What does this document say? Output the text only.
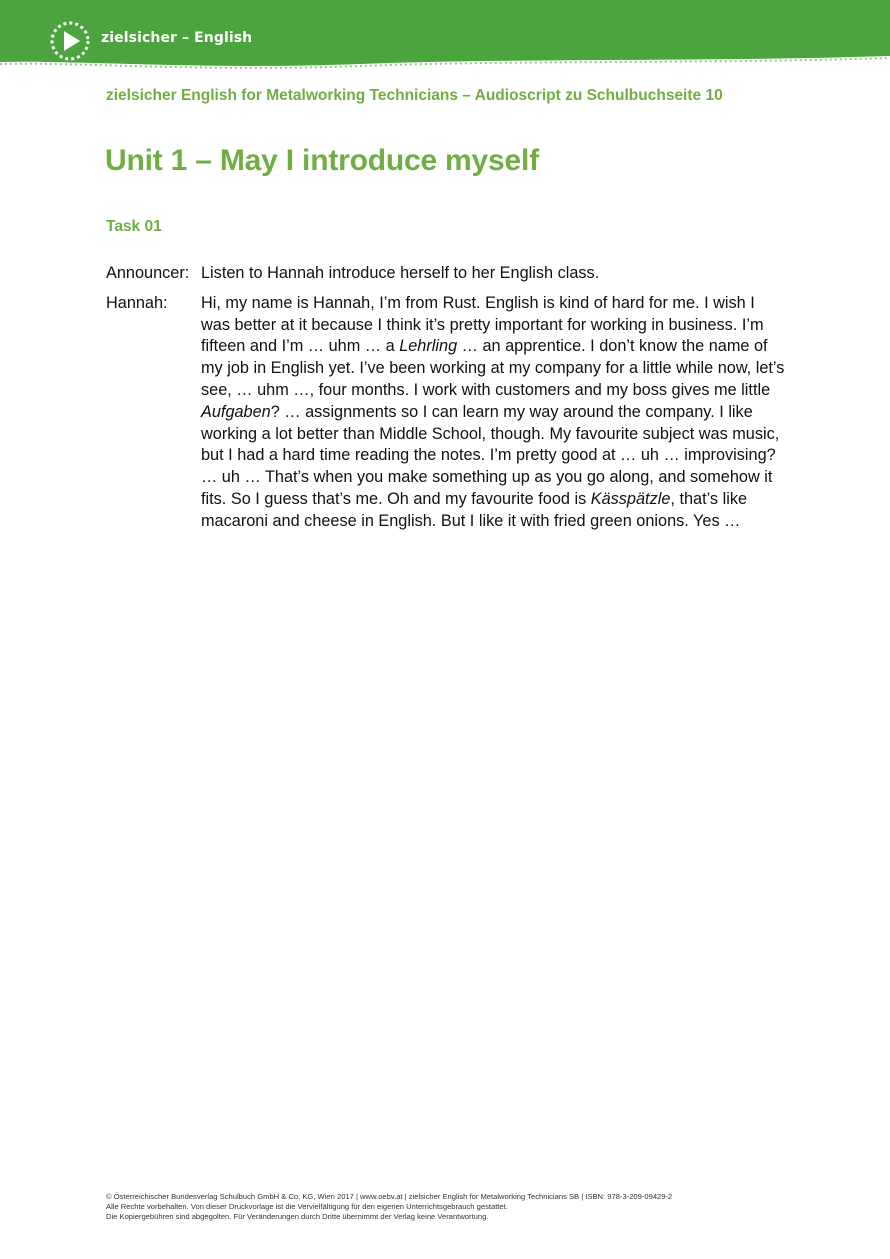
zielsicher – English
zielsicher English for Metalworking Technicians – Audioscript zu Schulbuchseite 10
Unit 1 – May I introduce myself
Task 01
Announcer: Listen to Hannah introduce herself to her English class.
Hannah:	Hi, my name is Hannah, I’m from Rust. English is kind of hard for me. I wish I was better at it because I think it’s pretty important for working in business. I’m fifteen and I’m … uhm … a Lehrling … an apprentice. I don’t know the name of my job in English yet. I’ve been working at my company for a little while now, let’s see, … uhm …, four months. I work with customers and my boss gives me little Aufgaben? … assignments so I can learn my way around the company. I like working a lot better than Middle School, though. My favourite subject was music, but I had a hard time reading the notes. I’m pretty good at … uh … improvising? … uh … That’s when you make something up as you go along, and somehow it fits. So I guess that’s me. Oh and my favourite food is Kässpätzle, that’s like macaroni and cheese in English. But I like it with fried green onions. Yes …
© Österreichischer Bundesverlag Schulbuch GmbH & Co. KG, Wien 2017 | www.oebv.at | zielsicher English for Metalworking Technicians SB | ISBN: 978-3-209-09429-2
Alle Rechte vorbehalten. Von dieser Druckvorlage ist die Vervielfältigung für den eigenen Unterrichtsgebrauch gestattet.
Die Kopiergebühren sind abgegolten. Für Veränderungen durch Dritte übernimmt der Verlag keine Verantwortung.
